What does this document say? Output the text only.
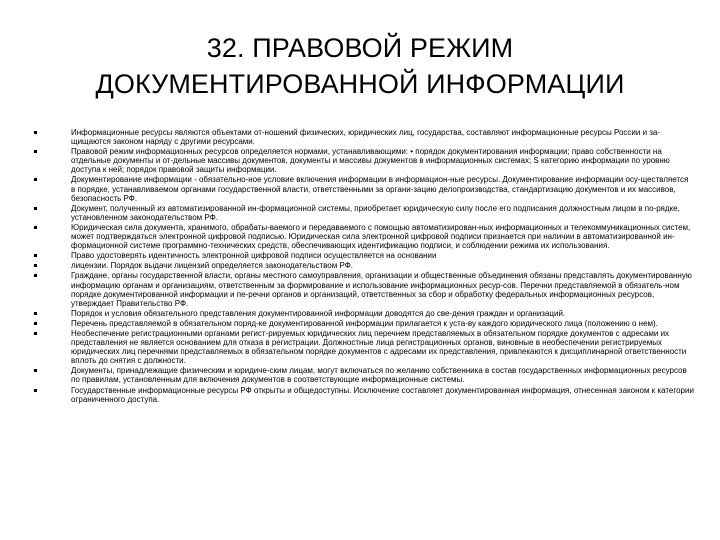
32. ПРАВОВОЙ РЕЖИМ
ДОКУМЕНТИРОВАННОЙ ИНФОРМАЦИИ
Информационные ресурсы являются объектами от-ношений физических, юридических лиц, государства, составляют информационные ресурсы России и за-щищаются законом наряду с другими ресурсами.
Правовой режим информационных ресурсов определяется нормами, устанавливающими: • порядок документирования информации; право собственности на отдельные документы и от-дельные массивы документов, документы и массивы документов в информационных системах; S категорию информации по уровню доступа к ней; порядок правовой защиты информации.
Документирование информации - обязательно-ное условие включения информации в информацион-ные ресурсы. Документирование информации осу-ществляется в порядке, устанавливаемом органами государственной власти, ответственными за органи-зацию делопроизводства, стандартизацию документов и их массивов, безопасность РФ.
Документ, полученный из автоматизированной ин-формационной системы, приобретает юридическую силу после его подписания должностным лицом в по-рядке, установленном законодательством РФ.
Юридическая сила документа, хранимого, обрабаты-ваемого и передаваемого с помощью автоматизирован-ных информационных и телекоммуникационных систем, может подтверждаться электронной цифровой подписью. Юридическая сила электронной цифровой подписи признается при наличии в автоматизированной ин-формационной системе программно-технических средств, обеспечивающих идентификацию подписи, и соблюдении режима их использования.
Право удостоверять идентичность электронной цифровой подписи осуществляется на основании
лицензии. Порядок выдачи лицензий определяется законодательством РФ.
Граждане, органы государственной власти, органы местного самоуправления, организации и общественные объединения обязаны представлять документированную информацию органам и организациям, ответственным за формирование и использование информационных ресур-сов. Перечни представляемой в обязатель-ном порядке документированной информации и пе-речни органов и организаций, ответственных за сбор и обработку федеральных информационных ресурсов, утверждает Правительство РФ.
Порядок и условия обязательного представления документированной информации доводятся до све-дения граждан и организаций.
Перечень представляемой в обязательном поряд-ке документированной информации прилагается к уста-ву каждого юридического лица (положению о нем).
Необеспечение регистрационными органами регист-рируемых юридических лиц перечнем представляемых в обязательном порядке документов с адресами их представления не является основанием для отказа в регистрации. Должностные лица регистрационных органов, виновные в необеспечении регистрируемых юридических лиц перечнями представляемых в обязательном порядке документов с адресами их представления, привлекаются к дисциплинарной ответственности вплоть до снятия с должности.
Документы, принадлежащие физическим и юридиче-ским лицам, могут включаться по желанию собственника в состав государственных информационных ресурсов по правилам, установленным для включения документов в соответствующие информационные системы.
Государственные информационные ресурсы РФ открыты и общедоступны. Исключение составляет документированная информация, отнесенная законом к категории ограниченного доступа.
